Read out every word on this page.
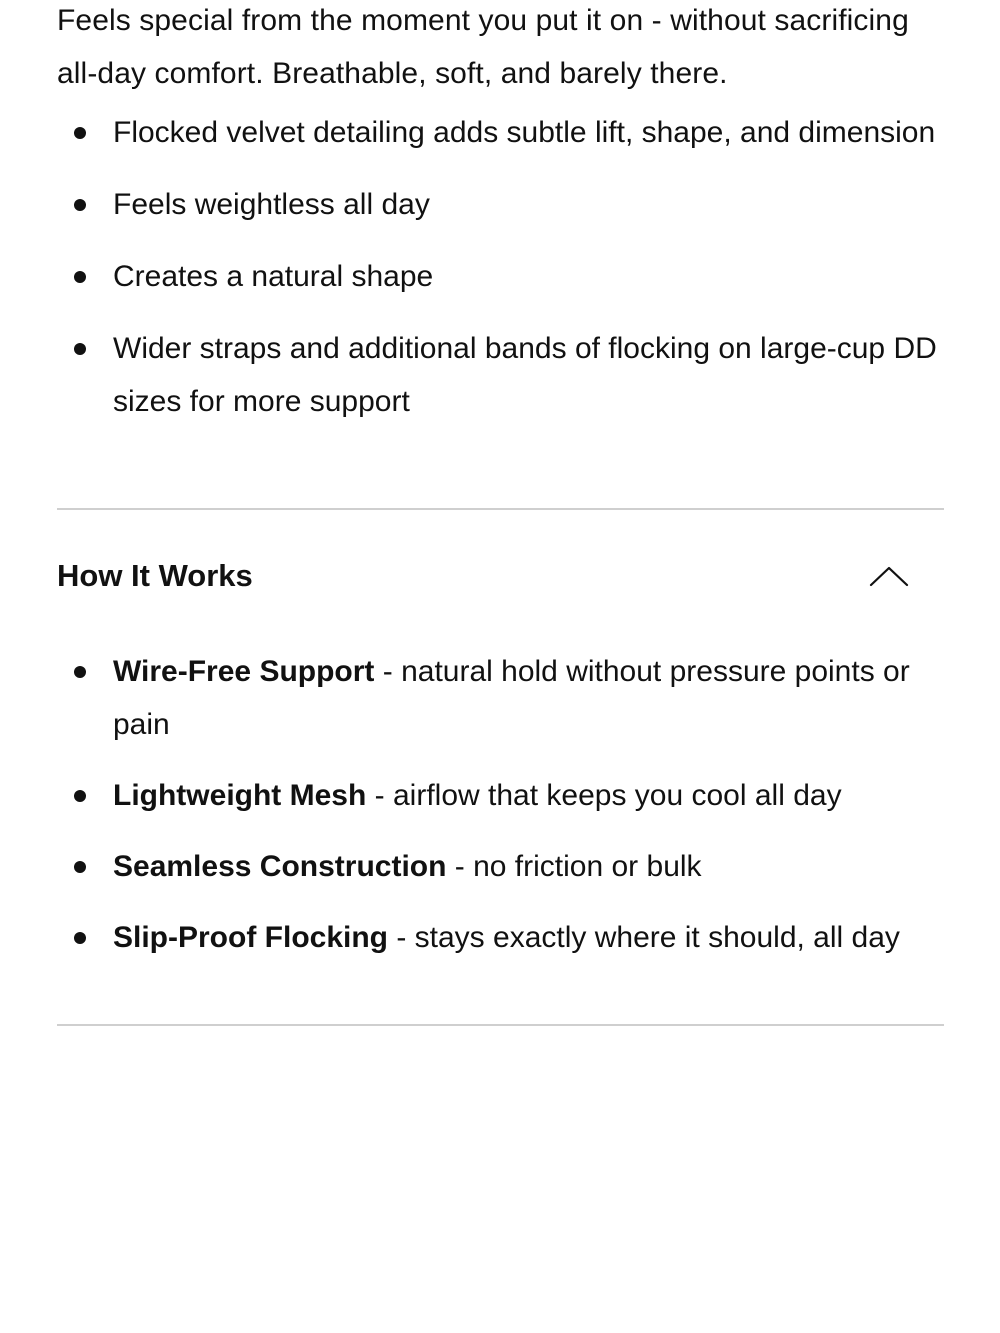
Feels special from the moment you put it on - without sacrificing all-day comfort. Breathable, soft, and barely there.

Flocked velvet detailing adds subtle lift, shape, and dimension
Feels weightless all day
Creates a natural shape
Wider straps and additional bands of flocking on large-cup DD sizes for more support
How It Works
Wire-Free Support - natural hold without pressure points or pain
Lightweight Mesh - airflow that keeps you cool all day
Seamless Construction - no friction or bulk
Slip-Proof Flocking - stays exactly where it should, all day
